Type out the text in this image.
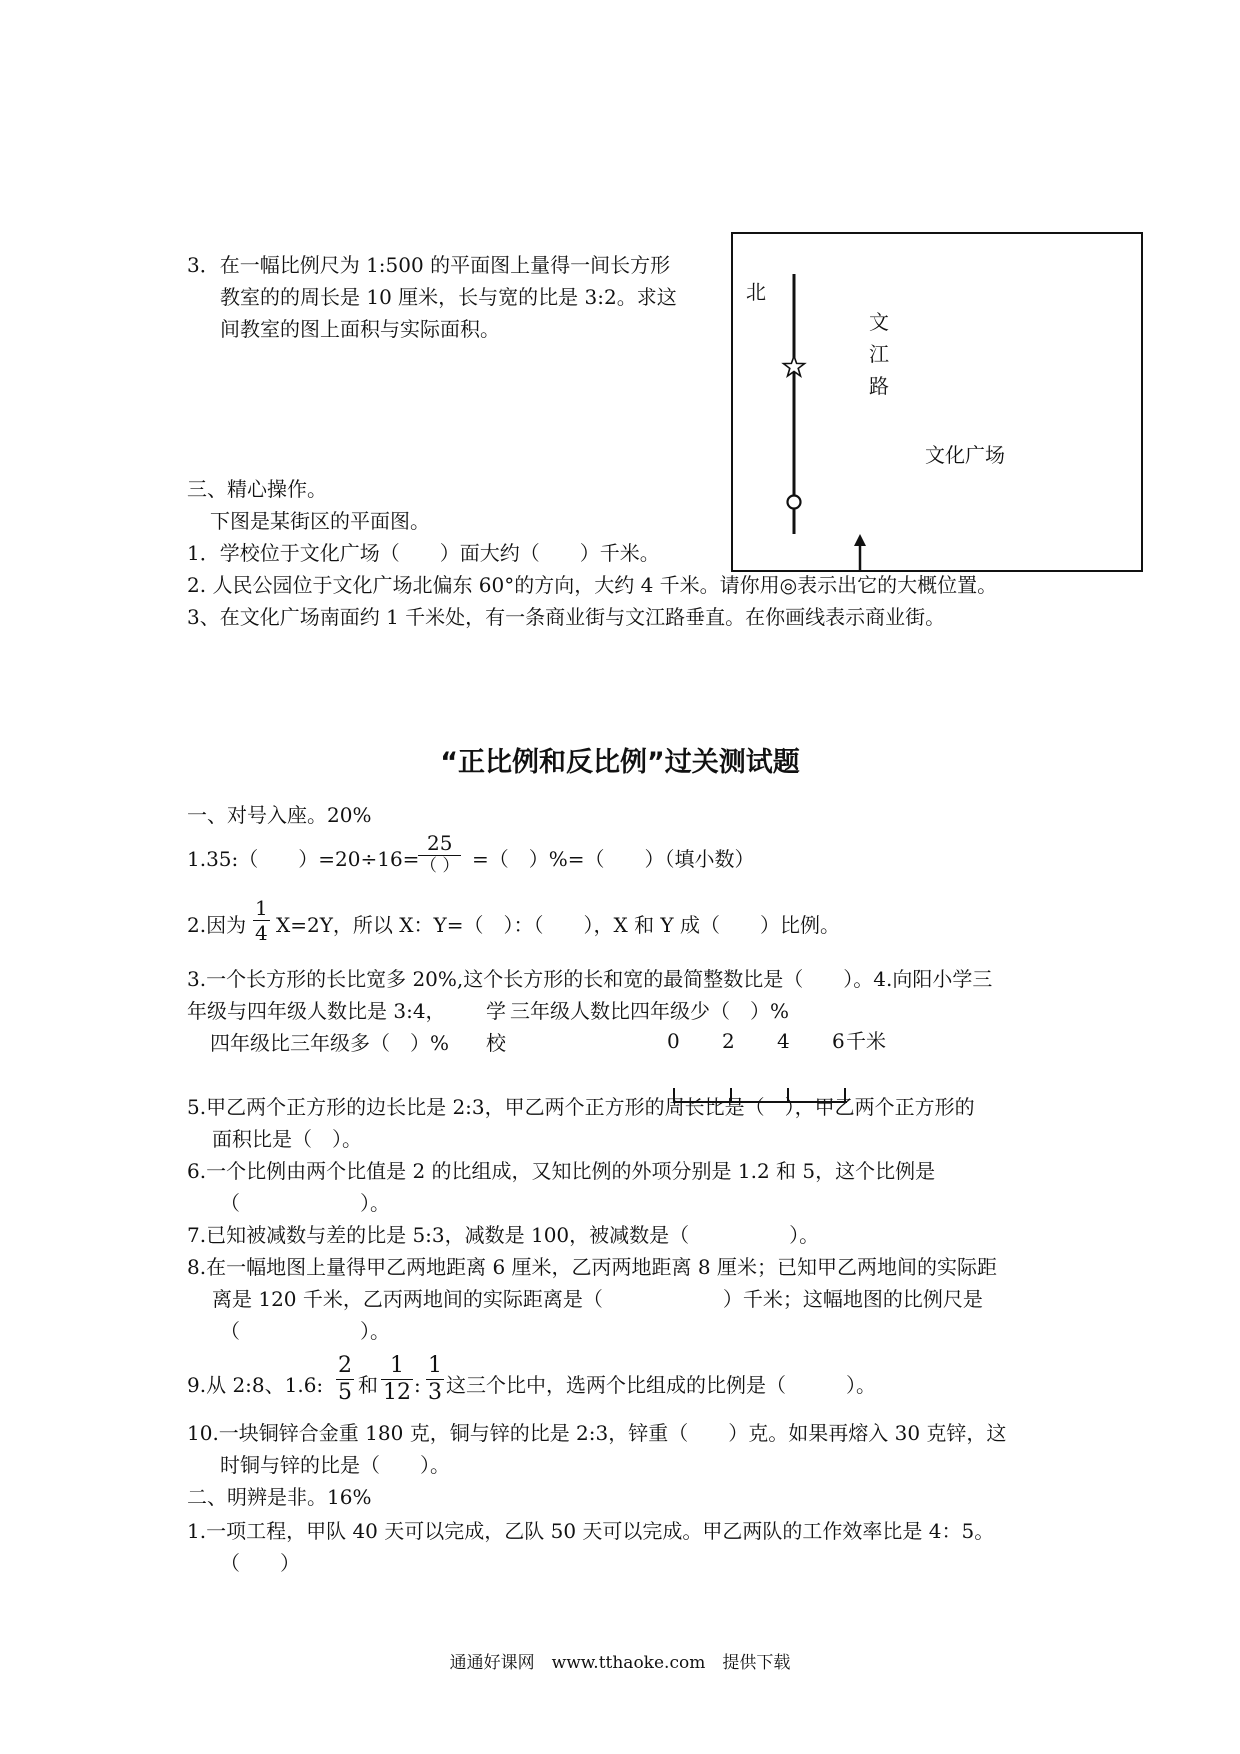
3．在一幅比例尺为 1:500 的平面图上量得一间长方形
教室的的周长是 10 厘米，长与宽的比是 3:2。求这
间教室的图上面积与实际面积。
北
文
江
路
文化广场
三、精心操作。
下图是某街区的平面图。
1．学校位于文化广场（　　）面大约（　　）千米。
2. 人民公园位于文化广场北偏东 60°的方向，大约 4 千米。请你用◎表示出它的大概位置。
3、在文化广场南面约 1 千米处，有一条商业街与文江路垂直。在你画线表示商业街。
“正比例和反比例”过关测试题
一、对号入座。20%
1.35:（　　）=20÷16=
25
（ ） =（　）%=（　　）（填小数）
2.因为
1
4 X=2Y，所以 X：Y=（　）：（　　），X 和 Y 成（　　）比例。
3.一个长方形的长比宽多 20%,这个长方形的长和宽的最简整数比是（　　）。4.向阳小学三
年级与四年级人数比是 3:4， 学 三年级人数比四年级少（　）%
四年级比三年级多（　）% 校	0 2 4 6 千米
5.甲乙两个正方形的边长比是 2:3，甲乙两个正方形的周长比是（　），甲乙两个正方形的
面积比是（　）。
6.一个比例由两个比值是 2 的比组成，又知比例的外项分别是 1.2 和 5，这个比例是
（　　　　　　）。
7.已知被减数与差的比是 5:3，减数是 100，被减数是（　　　　　）。
8.在一幅地图上量得甲乙两地距离 6 厘米，乙丙两地距离 8 厘米；已知甲乙两地间的实际距
离是 120 千米，乙丙两地间的实际距离是（　　　　　　）千米；这幅地图的比例尺是
（　　　　　　）。
9.从 2:8、1.6:
2
5 和
1
12 :
1
3 这三个比中，选两个比组成的比例是（　　　）。
10.一块铜锌合金重 180 克，铜与锌的比是 2:3，锌重（　　）克。如果再熔入 30 克锌，这
时铜与锌的比是（　　）。
二、明辨是非。16%
1.一项工程，甲队 40 天可以完成，乙队 50 天可以完成。甲乙两队的工作效率比是 4：5。
（　　）
通通好课网　www.tthaoke.com　提供下载
